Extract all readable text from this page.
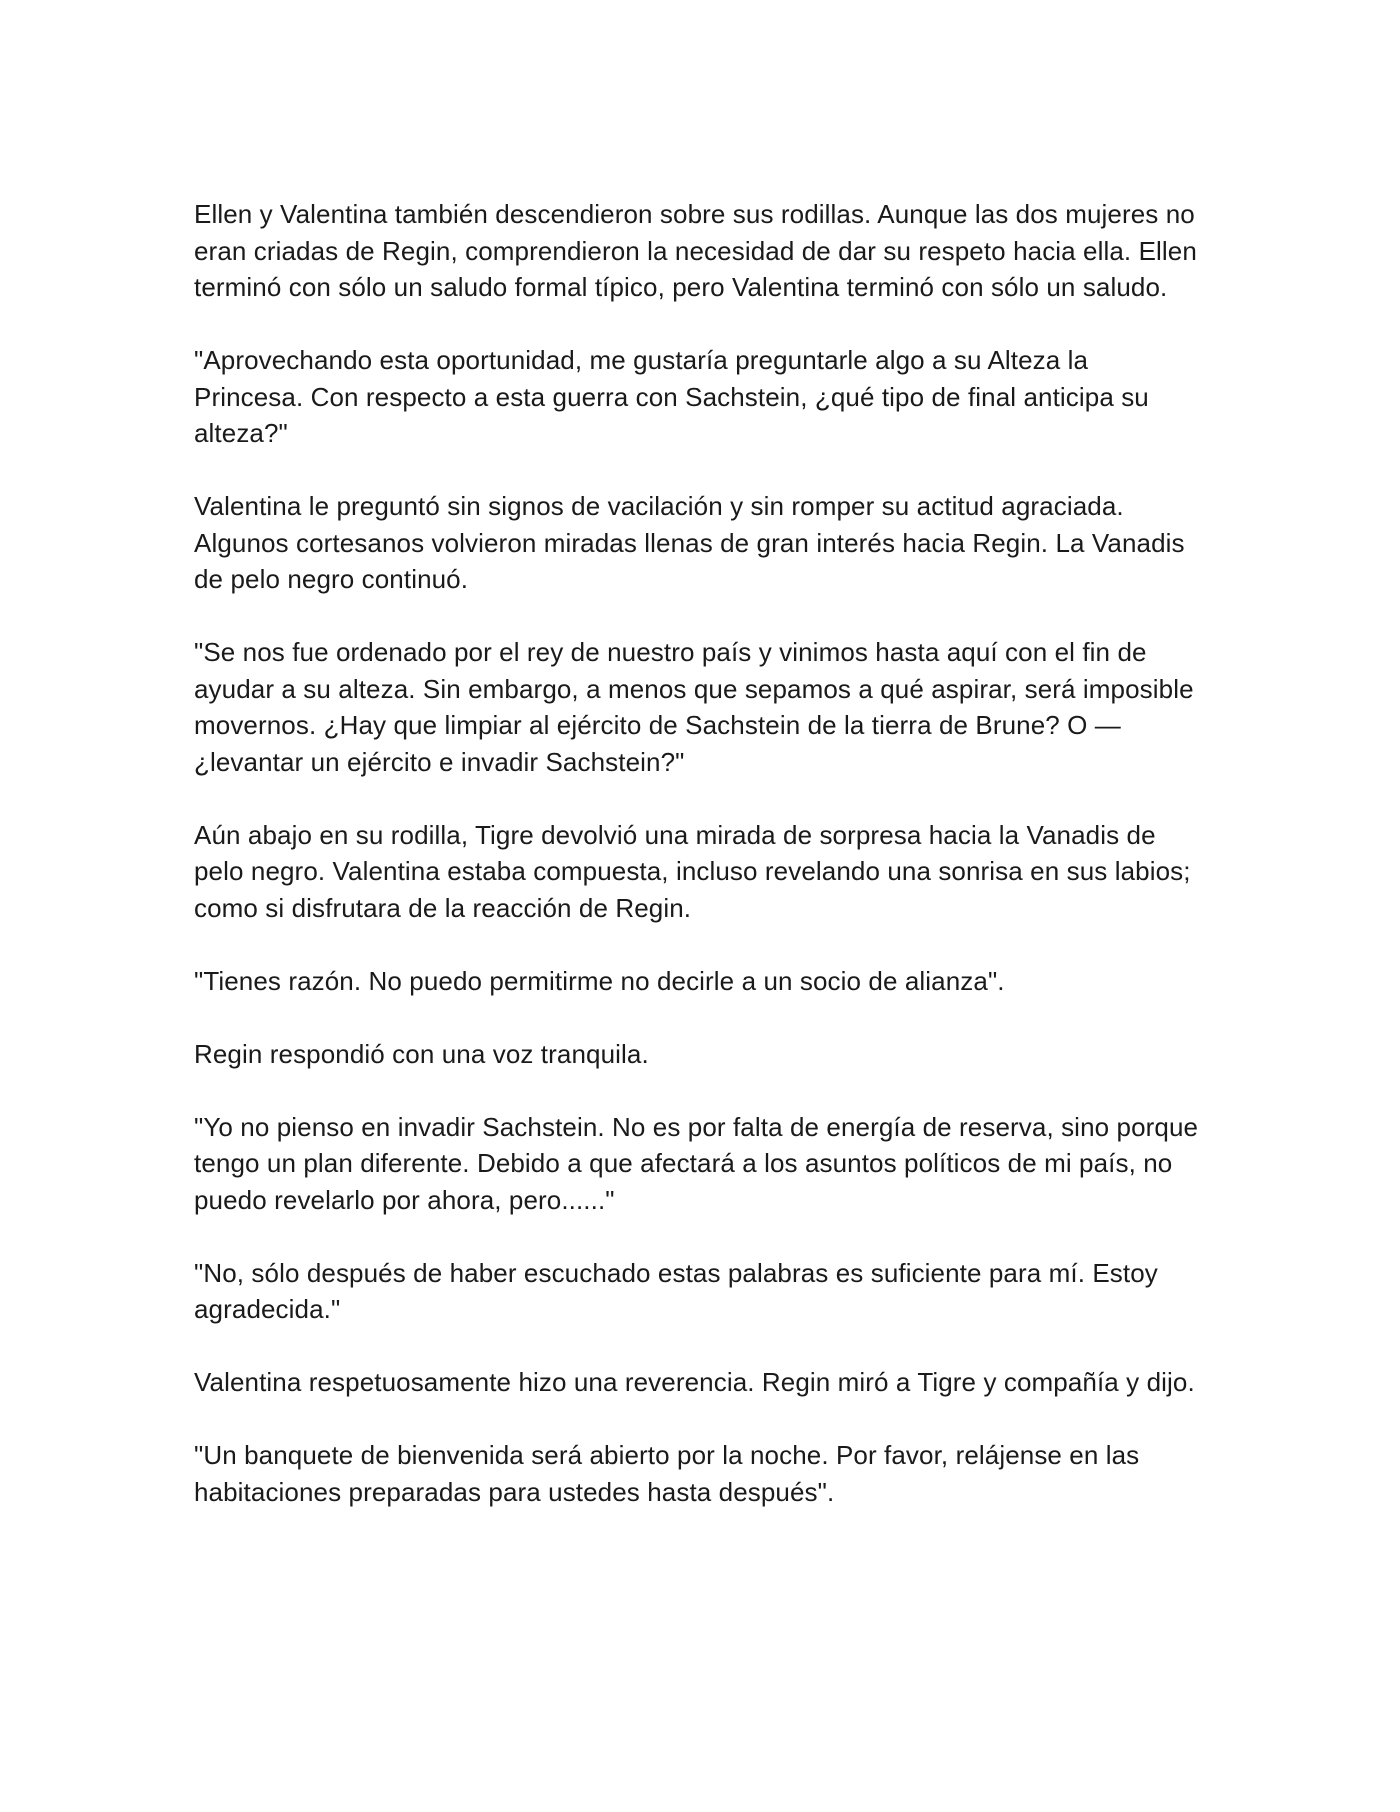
Ellen y Valentina también descendieron sobre sus rodillas. Aunque las dos mujeres no eran criadas de Regin, comprendieron la necesidad de dar su respeto hacia ella. Ellen terminó con sólo un saludo formal típico, pero Valentina terminó con sólo un saludo.

"Aprovechando esta oportunidad, me gustaría preguntarle algo a su Alteza la Princesa. Con respecto a esta guerra con Sachstein, ¿qué tipo de final anticipa su alteza?"

Valentina le preguntó sin signos de vacilación y sin romper su actitud agraciada. Algunos cortesanos volvieron miradas llenas de gran interés hacia Regin. La Vanadis de pelo negro continuó.

"Se nos fue ordenado por el rey de nuestro país y vinimos hasta aquí con el fin de ayudar a su alteza. Sin embargo, a menos que sepamos a qué aspirar, será imposible movernos. ¿Hay que limpiar al ejército de Sachstein de la tierra de Brune? O — ¿levantar un ejército e invadir Sachstein?"

Aún abajo en su rodilla, Tigre devolvió una mirada de sorpresa hacia la Vanadis de pelo negro. Valentina estaba compuesta, incluso revelando una sonrisa en sus labios; como si disfrutara de la reacción de Regin.

"Tienes razón. No puedo permitirme no decirle a un socio de alianza".

Regin respondió con una voz tranquila.

"Yo no pienso en invadir Sachstein. No es por falta de energía de reserva, sino porque tengo un plan diferente. Debido a que afectará a los asuntos políticos de mi país, no puedo revelarlo por ahora, pero......"

"No, sólo después de haber escuchado estas palabras es suficiente para mí. Estoy agradecida."

Valentina respetuosamente hizo una reverencia. Regin miró a Tigre y compañía y dijo.

"Un banquete de bienvenida será abierto por la noche. Por favor, relájense en las habitaciones preparadas para ustedes hasta después".
